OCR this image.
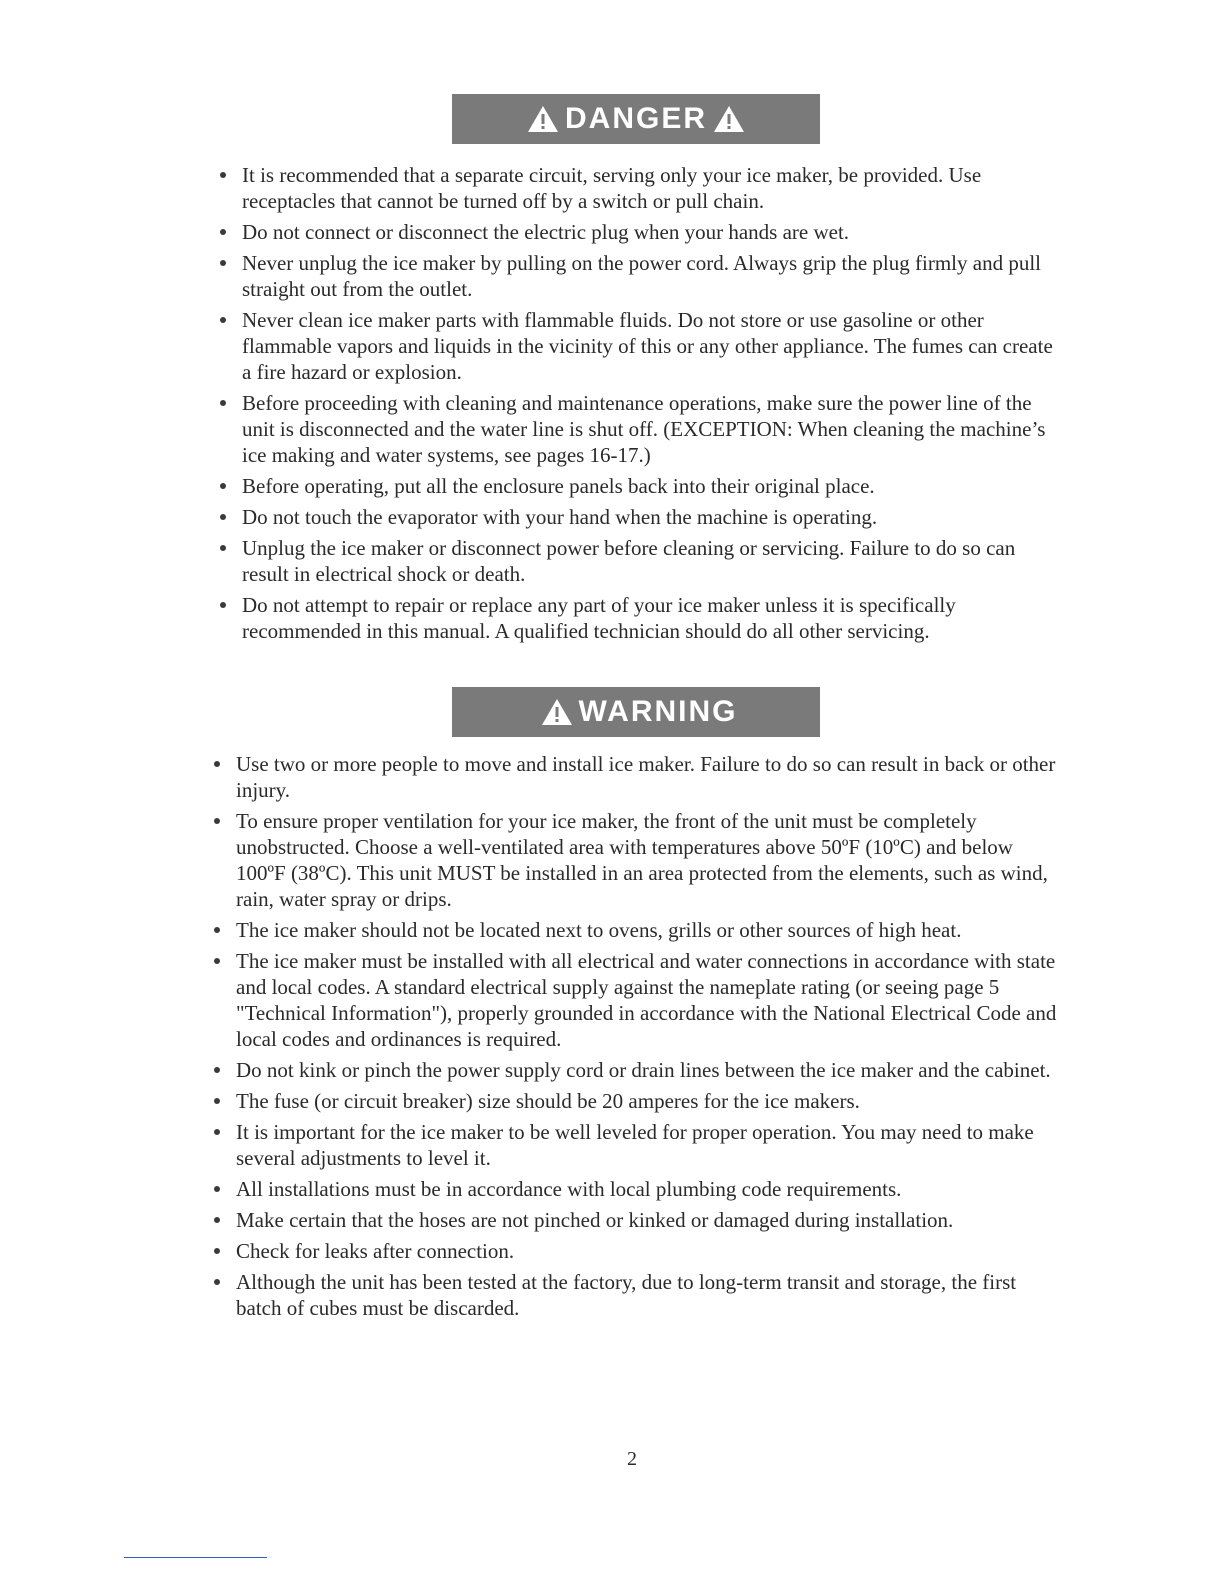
DANGER
It is recommended that a separate circuit, serving only your ice maker, be provided. Use receptacles that cannot be turned off by a switch or pull chain.
Do not connect or disconnect the electric plug when your hands are wet.
Never unplug the ice maker by pulling on the power cord. Always grip the plug firmly and pull straight out from the outlet.
Never clean ice maker parts with flammable fluids. Do not store or use gasoline or other flammable vapors and liquids in the vicinity of this or any other appliance. The fumes can create a fire hazard or explosion.
Before proceeding with cleaning and maintenance operations, make sure the power line of the unit is disconnected and the water line is shut off. (EXCEPTION: When cleaning the machine’s ice making and water systems, see pages 16-17.)
Before operating, put all the enclosure panels back into their original place.
Do not touch the evaporator with your hand when the machine is operating.
Unplug the ice maker or disconnect power before cleaning or servicing. Failure to do so can result in electrical shock or death.
Do not attempt to repair or replace any part of your ice maker unless it is specifically recommended in this manual. A qualified technician should do all other servicing.
WARNING
Use two or more people to move and install ice maker. Failure to do so can result in back or other injury.
To ensure proper ventilation for your ice maker, the front of the unit must be completely unobstructed. Choose a well-ventilated area with temperatures above 50ºF (10ºC) and below 100ºF (38ºC). This unit MUST be installed in an area protected from the elements, such as wind, rain, water spray or drips.
The ice maker should not be located next to ovens, grills or other sources of high heat.
The ice maker must be installed with all electrical and water connections in accordance with state and local codes. A standard electrical supply against the nameplate rating (or seeing page 5 "Technical Information"), properly grounded in accordance with the National Electrical Code and local codes and ordinances is required.
Do not kink or pinch the power supply cord or drain lines between the ice maker and the cabinet.
The fuse (or circuit breaker) size should be 20 amperes for the ice makers.
It is important for the ice maker to be well leveled for proper operation. You may need to make several adjustments to level it.
All installations must be in accordance with local plumbing code requirements.
Make certain that the hoses are not pinched or kinked or damaged during installation.
Check for leaks after connection.
Although the unit has been tested at the factory, due to long-term transit and storage, the first batch of cubes must be discarded.
2
